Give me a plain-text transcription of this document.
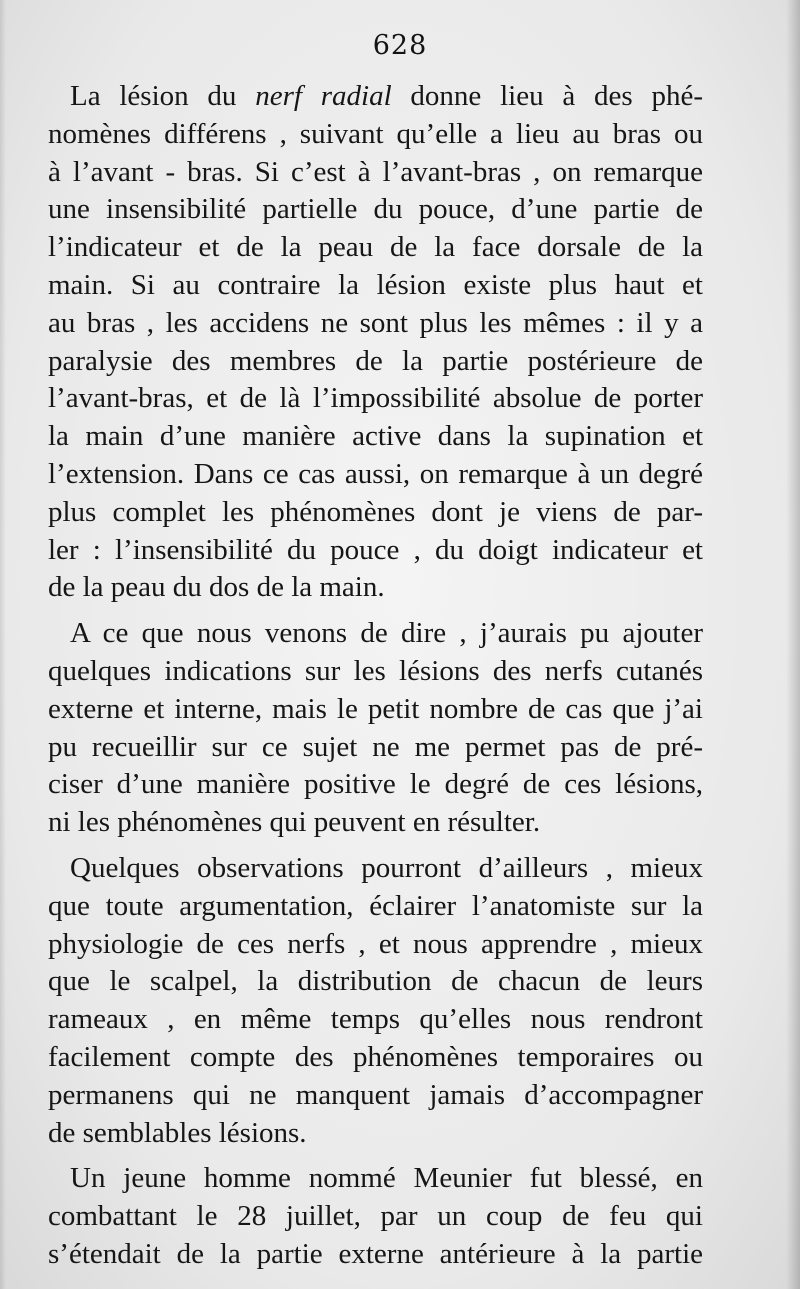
628
La lésion du nerf radial donne lieu à des phé-
nomènes différens , suivant qu’elle a lieu au bras ou
à l’avant - bras. Si c’est à l’avant-bras , on remarque
une insensibilité partielle du pouce, d’une partie de
l’indicateur et de la peau de la face dorsale de la
main. Si au contraire la lésion existe plus haut et
au bras , les accidens ne sont plus les mêmes : il y a
paralysie des membres de la partie postérieure de
l’avant-bras, et de là l’impossibilité absolue de porter
la main d’une manière active dans la supination et
l’extension. Dans ce cas aussi, on remarque à un degré
plus complet les phénomènes dont je viens de par-
ler : l’insensibilité du pouce , du doigt indicateur et
de la peau du dos de la main.
A ce que nous venons de dire , j’aurais pu ajouter
quelques indications sur les lésions des nerfs cutanés
externe et interne, mais le petit nombre de cas que j’ai
pu recueillir sur ce sujet ne me permet pas de pré-
ciser d’une manière positive le degré de ces lésions,
ni les phénomènes qui peuvent en résulter.
Quelques observations pourront d’ailleurs , mieux
que toute argumentation, éclairer l’anatomiste sur la
physiologie de ces nerfs , et nous apprendre , mieux
que le scalpel, la distribution de chacun de leurs
rameaux , en même temps qu’elles nous rendront
facilement compte des phénomènes temporaires ou
permanens qui ne manquent jamais d’accompagner
de semblables lésions.
Un jeune homme nommé Meunier fut blessé, en
combattant le 28 juillet, par un coup de feu qui
s’étendait de la partie externe antérieure à la partie
